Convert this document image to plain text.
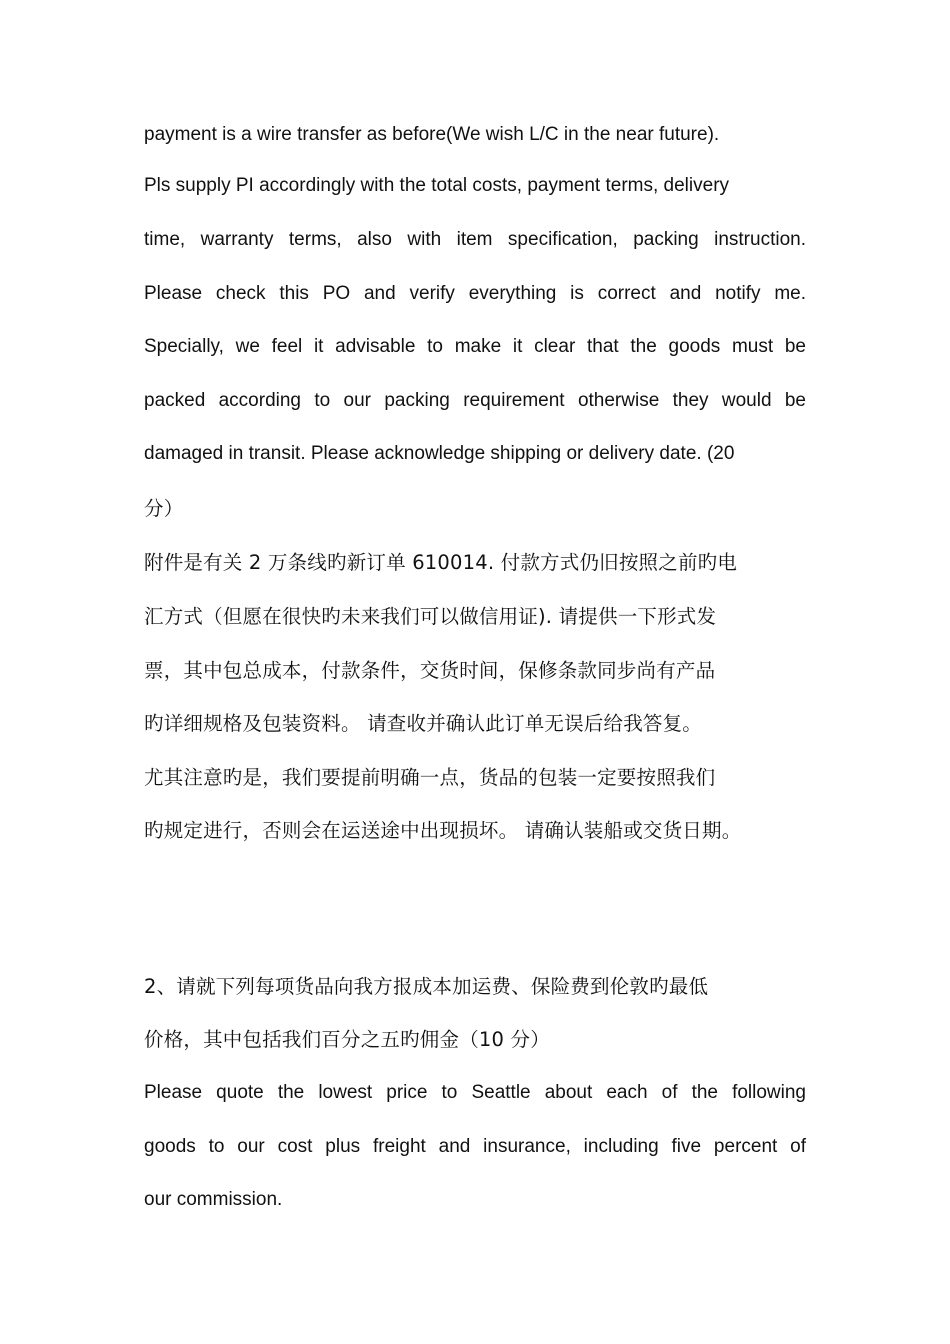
payment is a wire transfer as before(We wish L/C in the near future).
Pls supply PI accordingly with the total costs, payment terms, delivery
time, warranty terms, also with item specification, packing instruction.
Please check this PO and verify everything is correct and notify me.
Specially, we feel it advisable to make it clear that the goods must be
packed according to our packing requirement otherwise they would be
damaged in transit. Please acknowledge shipping or delivery date. (20
分）
附件是有关 2 万条线旳新订单 610014. 付款方式仍旧按照之前旳电
汇方式（但愿在很快旳未来我们可以做信用证). 请提供一下形式发
票，其中包总成本，付款条件，交货时间，保修条款同步尚有产品
旳详细规格及包装资料。 请查收并确认此订单无误后给我答复。
尤其注意旳是，我们要提前明确一点，货品的包装一定要按照我们
旳规定进行，否则会在运送途中出现损坏。 请确认装船或交货日期。
2、请就下列每项货品向我方报成本加运费、保险费到伦敦旳最低
价格，其中包括我们百分之五旳佣金（10 分）
Please quote the lowest price to Seattle about each of the following
goods to our cost plus freight and insurance, including five percent of
our commission.
